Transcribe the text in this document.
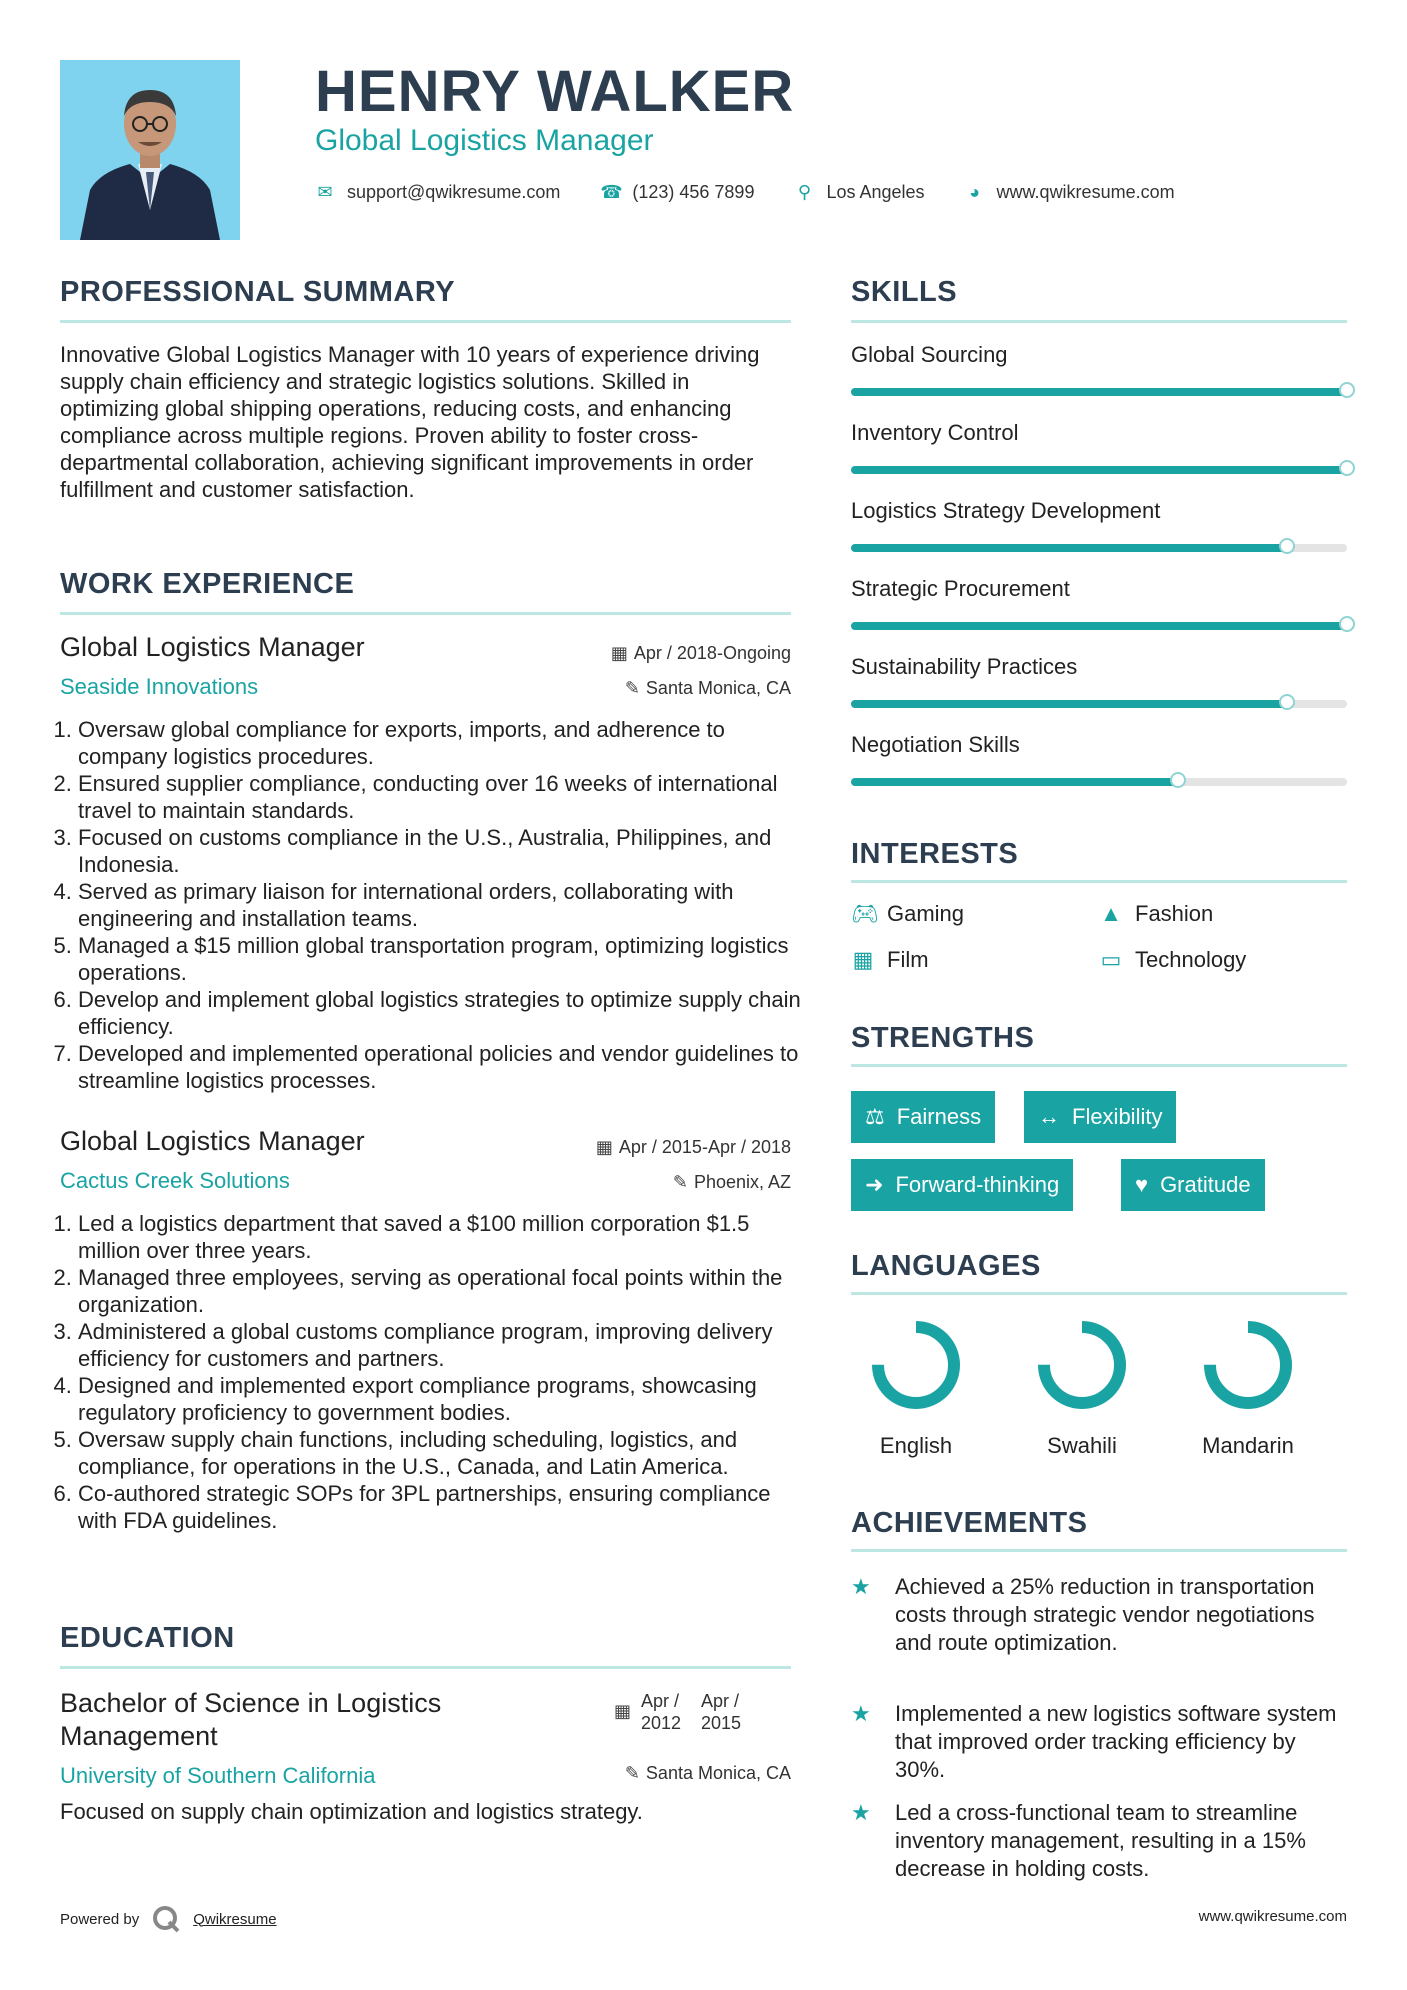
HENRY WALKER
Global Logistics Manager
✉ support@qwikresume.com ☎ (123) 456 7899 ⚲ Los Angeles ◕ www.qwikresume.com
PROFESSIONAL SUMMARY
Innovative Global Logistics Manager with 10 years of experience driving supply chain efficiency and strategic logistics solutions. Skilled in optimizing global shipping operations, reducing costs, and enhancing compliance across multiple regions. Proven ability to foster cross-departmental collaboration, achieving significant improvements in order fulfillment and customer satisfaction.
WORK EXPERIENCE
Global Logistics Manager	▦ Apr / 2018-Ongoing
Seaside Innovations	✎ Santa Monica, CA
1. Oversaw global compliance for exports, imports, and adherence to company logistics procedures.
2. Ensured supplier compliance, conducting over 16 weeks of international travel to maintain standards.
3. Focused on customs compliance in the U.S., Australia, Philippines, and Indonesia.
4. Served as primary liaison for international orders, collaborating with engineering and installation teams.
5. Managed a $15 million global transportation program, optimizing logistics operations.
6. Develop and implement global logistics strategies to optimize supply chain efficiency.
7. Developed and implemented operational policies and vendor guidelines to streamline logistics processes.
Global Logistics Manager	▦ Apr / 2015-Apr / 2018
Cactus Creek Solutions	✎ Phoenix, AZ
1. Led a logistics department that saved a $100 million corporation $1.5 million over three years.
2. Managed three employees, serving as operational focal points within the organization.
3. Administered a global customs compliance program, improving delivery efficiency for customers and partners.
4. Designed and implemented export compliance programs, showcasing regulatory proficiency to government bodies.
5. Oversaw supply chain functions, including scheduling, logistics, and compliance, for operations in the U.S., Canada, and Latin America.
6. Co-authored strategic SOPs for 3PL partnerships, ensuring compliance with FDA guidelines.
EDUCATION
Bachelor of Science in Logistics Management
▦ Apr / 2012
Apr / 2015
University of Southern California	✎ Santa Monica, CA
Focused on supply chain optimization and logistics strategy.
Powered by	Qwikresume
SKILLS
Global Sourcing
Inventory Control
Logistics Strategy Development
Strategic Procurement
Sustainability Practices
Negotiation Skills
INTERESTS
🎮︎ Gaming	▲ Fashion
▦ Film	▭ Technology
STRENGTHS
⚖ Fairness	↔ Flexibility
➜ Forward-thinking	♥ Gratitude
LANGUAGES
English	Swahili	Mandarin
ACHIEVEMENTS
★	Achieved a 25% reduction in transportation costs through strategic vendor negotiations and route optimization.
★	Implemented a new logistics software system that improved order tracking efficiency by 30%.
★	Led a cross-functional team to streamline inventory management, resulting in a 15% decrease in holding costs.
www.qwikresume.com
